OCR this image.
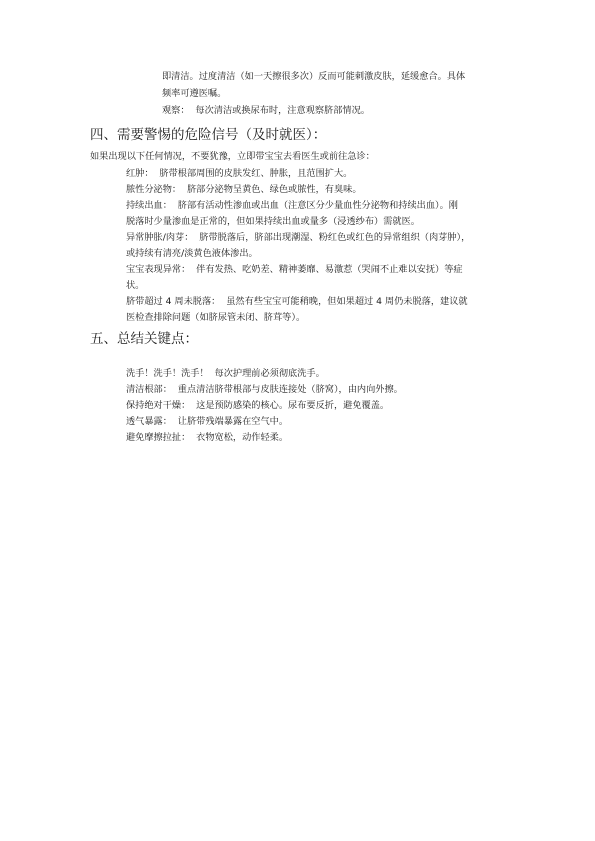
即清洁。过度清洁（如一天擦很多次）反而可能刺激皮肤，延缓愈合。具体

频率可遵医嘱。

观察： 每次清洁或换尿布时，注意观察脐部情况。

四、需要警惕的危险信号（及时就医）：

如果出现以下任何情况，不要犹豫，立即带宝宝去看医生或前往急诊：

红肿： 脐带根部周围的皮肤发红、肿胀，且范围扩大。

脓性分泌物： 脐部分泌物呈黄色、绿色或脓性，有臭味。

持续出血： 脐部有活动性渗血或出血（注意区分少量血性分泌物和持续出血）。刚

脱落时少量渗血是正常的，但如果持续出血或量多（浸透纱布）需就医。

异常肿胀/肉芽： 脐带脱落后，脐部出现潮湿、粉红色或红色的异常组织（肉芽肿），

或持续有清亮/淡黄色液体渗出。

宝宝表现异常： 伴有发热、吃奶差、精神萎靡、易激惹（哭闹不止难以安抚）等症

状。

脐带超过 4 周未脱落： 虽然有些宝宝可能稍晚，但如果超过 4 周仍未脱落，建议就

医检查排除问题（如脐尿管未闭、脐茸等）。

五、总结关键点：

洗手！洗手！洗手！ 每次护理前必须彻底洗手。

清洁根部： 重点清洁脐带根部与皮肤连接处（脐窝），由内向外擦。

保持绝对干燥： 这是预防感染的核心。尿布要反折，避免覆盖。

透气暴露： 让脐带残端暴露在空气中。

避免摩擦拉扯： 衣物宽松，动作轻柔。
